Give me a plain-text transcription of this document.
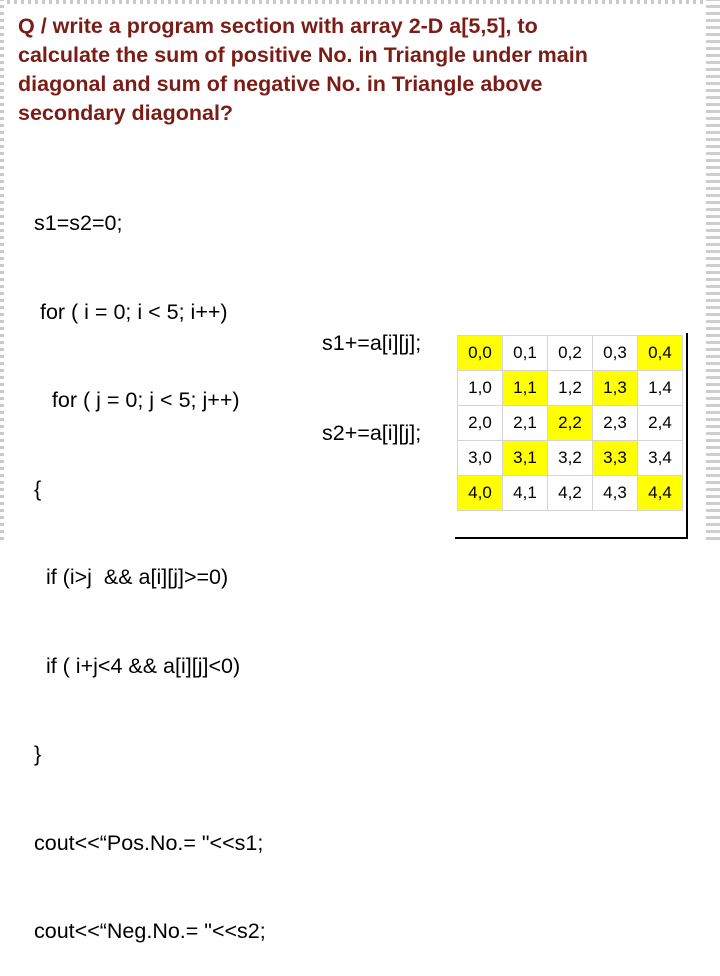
Q / write a program section with array 2-D a[5,5], to
calculate the sum of positive No. in Triangle under main
diagonal and sum of negative No. in Triangle above
secondary diagonal?

s1=s2=0;

for ( i = 0; i < 5; i++)

for ( j = 0; j < 5; j++)

{

if (i>j  && a[i][j]>=0)

if ( i+j<4 && a[i][j]<0)

}

cout<<“Pos.No.= "<<s1;

cout<<“Neg.No.= "<<s2;

s1+=a[i][j];

s2+=a[i][j];

0,0	0,1	0,2	0,3	0,4
1,0	1,1	1,2	1,3	1,4
2,0	2,1	2,2	2,3	2,4
3,0	3,1	3,2	3,3	3,4
4,0	4,1	4,2	4,3	4,4
